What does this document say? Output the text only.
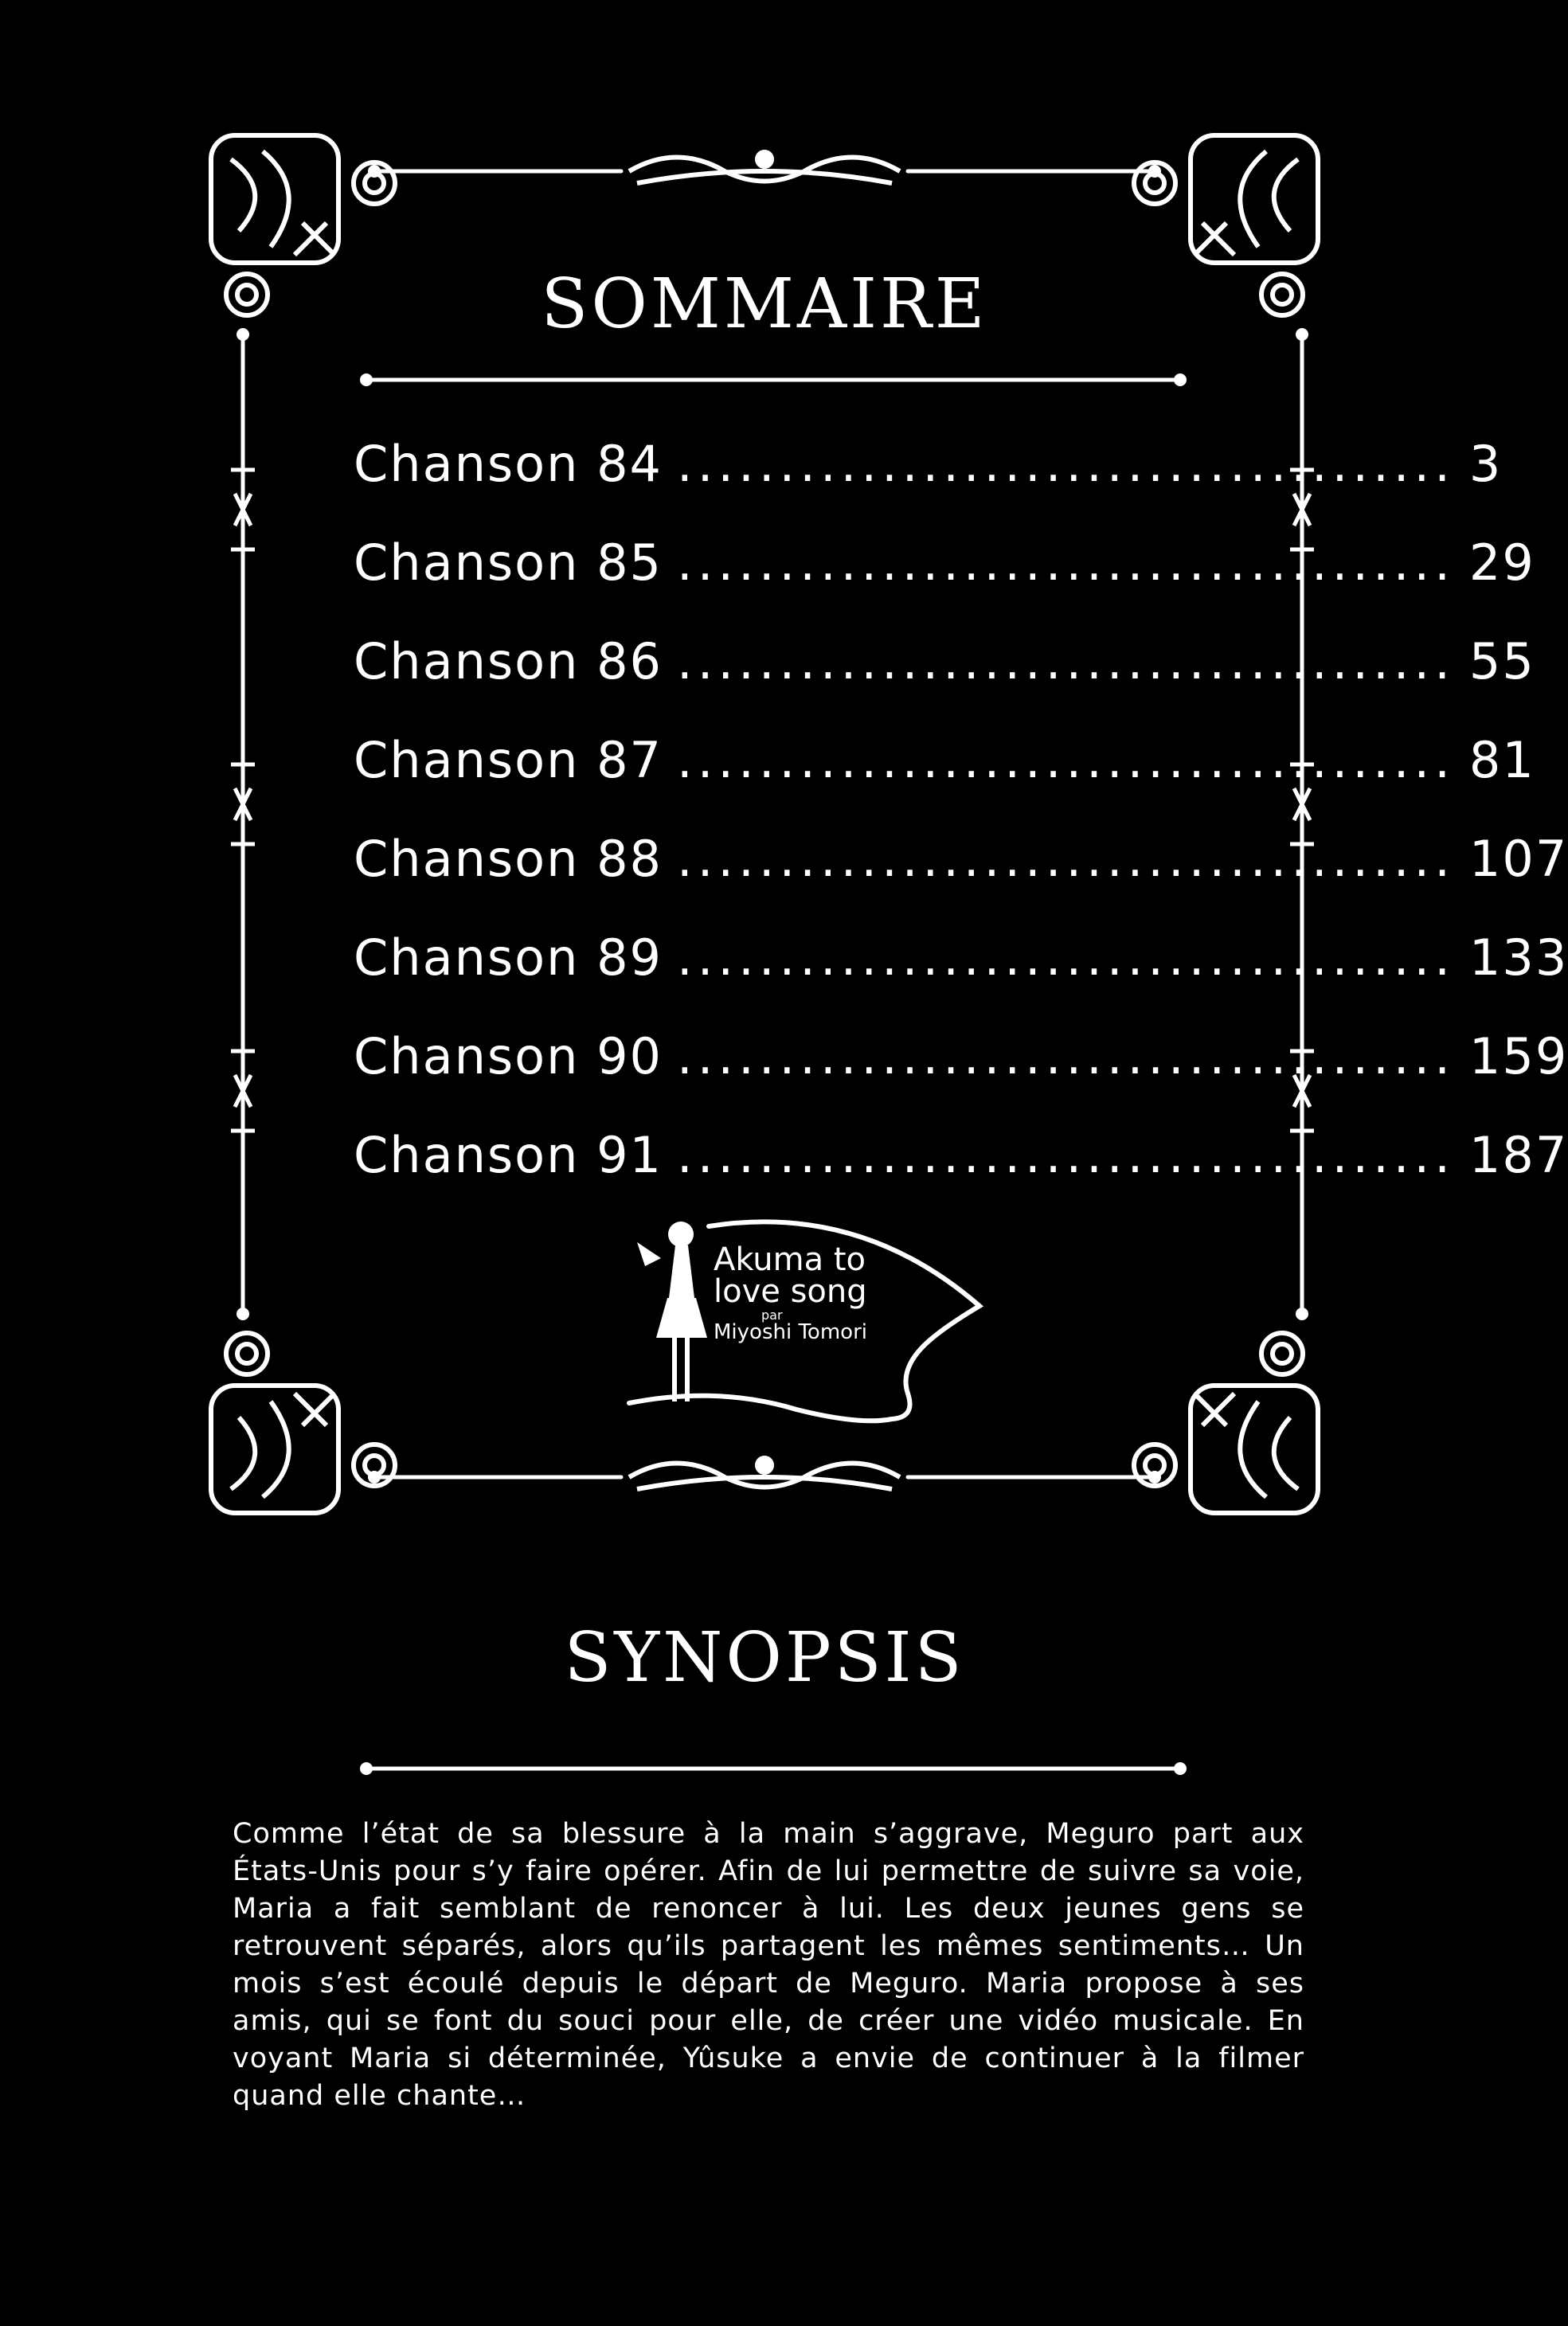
SOMMAIRE
Chanson 84 ...................................... 3
Chanson 85 ...................................... 29
Chanson 86 ...................................... 55
Chanson 87 ...................................... 81
Chanson 88 ...................................... 107
Chanson 89 ...................................... 133
Chanson 90 ...................................... 159
Chanson 91 ...................................... 187
Akuma to
love song
par
Miyoshi Tomori
SYNOPSIS

Comme l’état de sa blessure à la main s’aggrave, Meguro part aux États-Unis pour s’y faire opérer. Afin de lui permettre de suivre sa voie, Maria a fait semblant de renoncer à lui. Les deux jeunes gens se retrouvent séparés, alors qu’ils partagent les mêmes sentiments… Un mois s’est écoulé depuis le départ de Meguro. Maria propose à ses amis, qui se font du souci pour elle, de créer une vidéo musicale. En voyant Maria si déterminée, Yûsuke a envie de continuer à la filmer quand elle chante…
